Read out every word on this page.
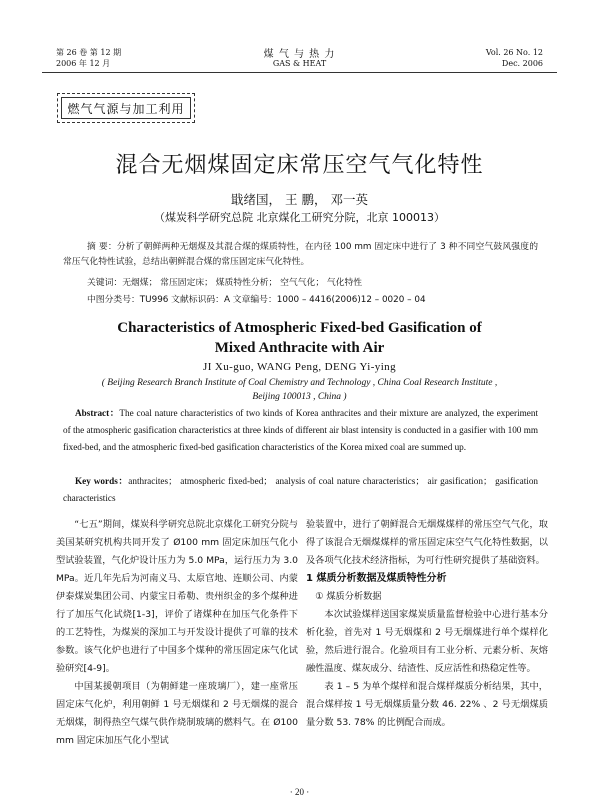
第 26 卷 第 12 期
2006 年 12 月
煤 气 与 热 力
GAS & HEAT
Vol. 26 No. 12
Dec. 2006
燃气气源与加工利用
混合无烟煤固定床常压空气气化特性
戢绪国， 王 鹏， 邓一英
（煤炭科学研究总院 北京煤化工研究分院，北京 100013）
摘 要：分析了朝鲜两种无烟煤及其混合煤的煤质特性，在内径 100 mm 固定床中进行了 3 种不同空气鼓风强度的常压气化特性试验，总结出朝鲜混合煤的常压固定床气化特性。
关键词：无烟煤； 常压固定床； 煤质特性分析； 空气气化； 气化特性
中图分类号：TU996 文献标识码：A 文章编号：1000 – 4416(2006)12 – 0020 – 04
Characteristics of Atmospheric Fixed-bed Gasification of
Mixed Anthracite with Air
JI Xu-guo, WANG Peng, DENG Yi-ying
( Beijing Research Branch Institute of Coal Chemistry and Technology , China Coal Research Institute ,
Beijing 100013 , China )
Abstract：The coal nature characteristics of two kinds of Korea anthracites and their mixture are analyzed, the experiment of the atmospheric gasification characteristics at three kinds of different air blast intensity is conducted in a gasifier with 100 mm fixed-bed, and the atmospheric fixed-bed gasification characteristics of the Korea mixed coal are summed up.
Key words：anthracites； atmospheric fixed-bed； analysis of coal nature characteristics； air gasification； gasification characteristics

“七五”期间，煤炭科学研究总院北京煤化工研究分院与美国某研究机构共同开发了 Ø100 mm 固定床加压气化小型试验装置，气化炉设计压力为 5.0 MPa，运行压力为 3.0 MPa。近几年先后为河南义马、太原官地、连顺公司、内蒙伊泰煤炭集团公司、内蒙宝日希勒、贵州织金的多个煤种进行了加压气化试烧[1-3]，评价了诸煤种在加压气化条件下的工艺特性，为煤炭的深加工与开发设计提供了可靠的技术参数。该气化炉也进行了中国多个煤种的常压固定床气化试验研究[4-9]。

中国某援朝项目（为朝鲜建一座玻璃厂），建一座常压固定床气化炉，利用朝鲜 1 号无烟煤和 2 号无烟煤的混合无烟煤，制得热空气煤气供作烧制玻璃的燃料气。在 Ø100 mm 固定床加压气化小型试

验装置中，进行了朝鲜混合无烟煤煤样的常压空气气化，取得了该混合无烟煤煤样的常压固定床空气气化特性数据，以及各项气化技术经济指标，为可行性研究提供了基础资料。

1 煤质分析数据及煤质特性分析
① 煤质分析数据

本次试验煤样送国家煤炭质量监督检验中心进行基本分析化验，首先对 1 号无烟煤和 2 号无烟煤进行单个煤样化验，然后进行混合。化验项目有工业分析、元素分析、灰熔融性温度、煤灰成分、结渣性、反应活性和热稳定性等。

表 1 – 5 为单个煤样和混合煤样煤质分析结果，其中，混合煤样按 1 号无烟煤质量分数 46. 22% 、2 号无烟煤质量分数 53. 78% 的比例配合而成。

· 20 ·
